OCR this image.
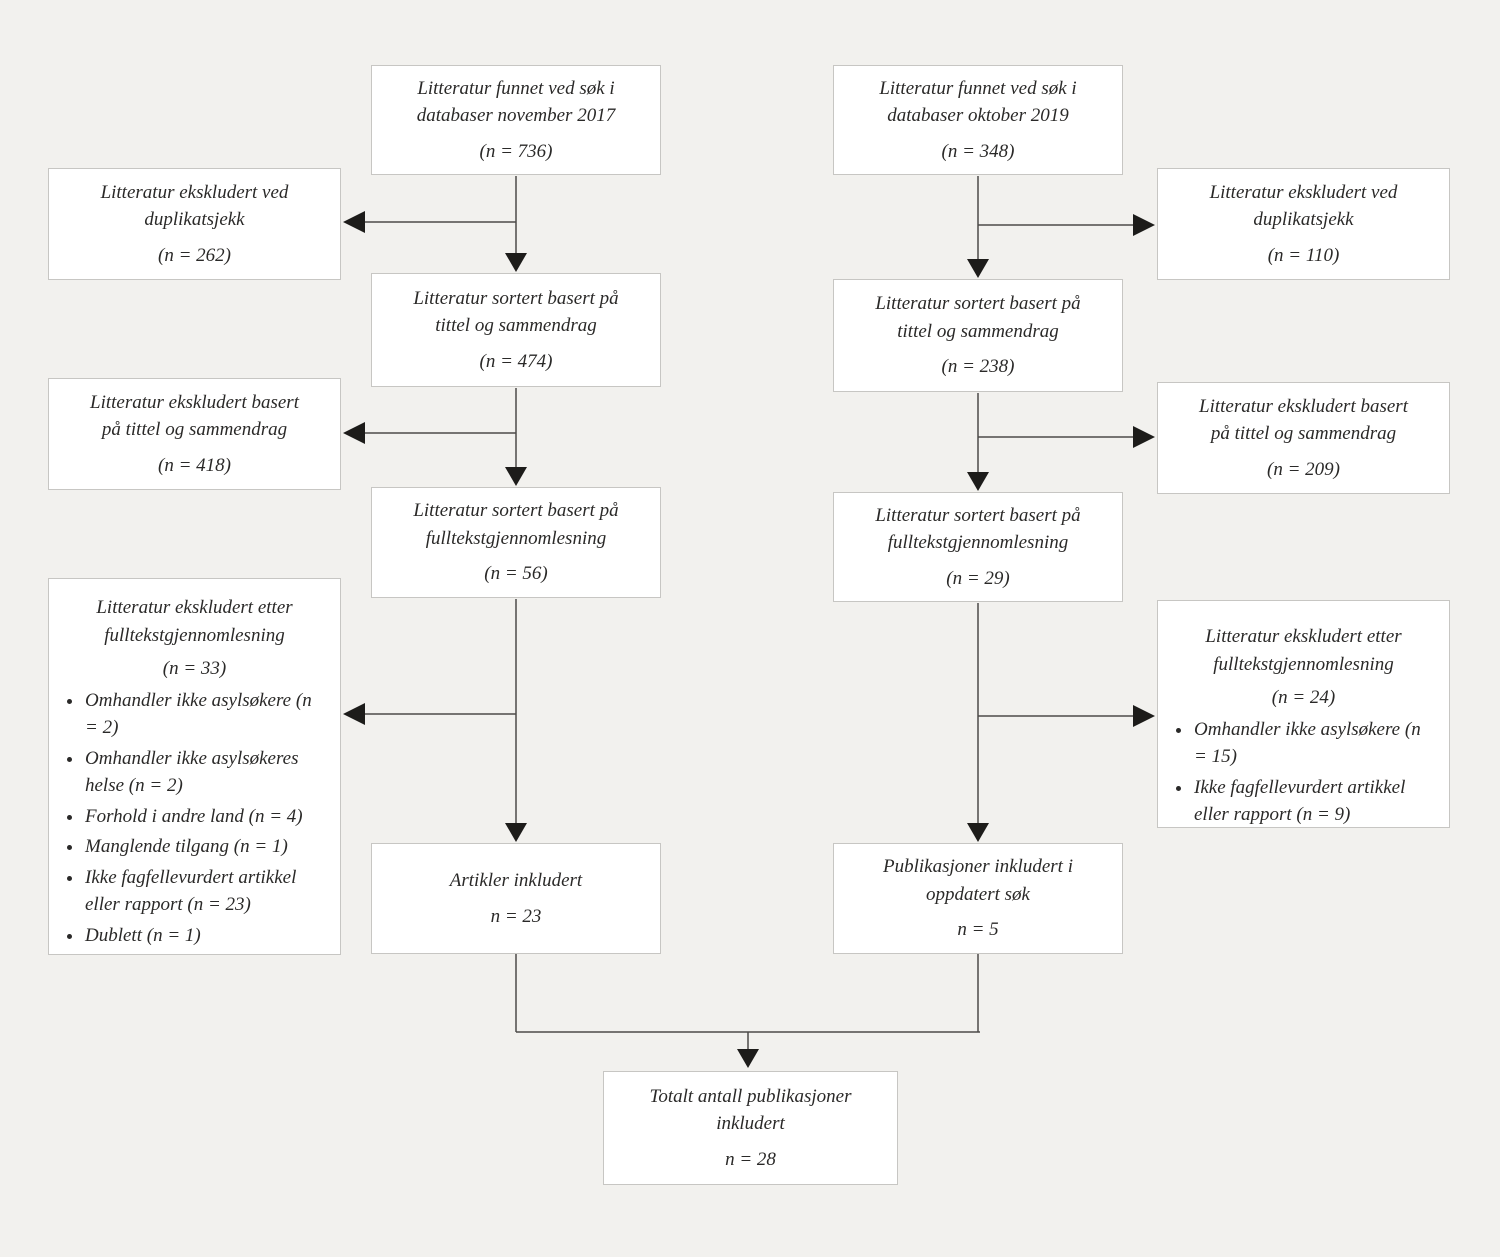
Litteratur funnet ved søk i
databaser november 2017
(n = 736)
Litteratur ekskludert ved
duplikatsjekk
(n = 262)
Litteratur sortert basert på
tittel og sammendrag
(n = 474)
Litteratur ekskludert basert
på tittel og sammendrag
(n = 418)
Litteratur sortert basert på
fulltekstgjennomlesning
(n = 56)
Litteratur ekskludert etter
fulltekstgjennomlesning
(n = 33)
• Omhandler ikke asylsøkere (n = 2)
• Omhandler ikke asylsøkeres helse (n = 2)
• Forhold i andre land (n = 4)
• Manglende tilgang (n = 1)
• Ikke fagfellevurdert artikkel eller rapport (n = 23)
• Dublett (n = 1)
Artikler inkludert
n = 23
Litteratur funnet ved søk i
databaser oktober 2019
(n = 348)
Litteratur ekskludert ved
duplikatsjekk
(n = 110)
Litteratur sortert basert på
tittel og sammendrag
(n = 238)
Litteratur ekskludert basert
på tittel og sammendrag
(n = 209)
Litteratur sortert basert på
fulltekstgjennomlesning
(n = 29)
Litteratur ekskludert etter
fulltekstgjennomlesning
(n = 24)
• Omhandler ikke asylsøkere (n = 15)
• Ikke fagfellevurdert artikkel eller rapport (n = 9)
Publikasjoner inkludert i
oppdatert søk
n = 5
Totalt antall publikasjoner
inkludert
n = 28
